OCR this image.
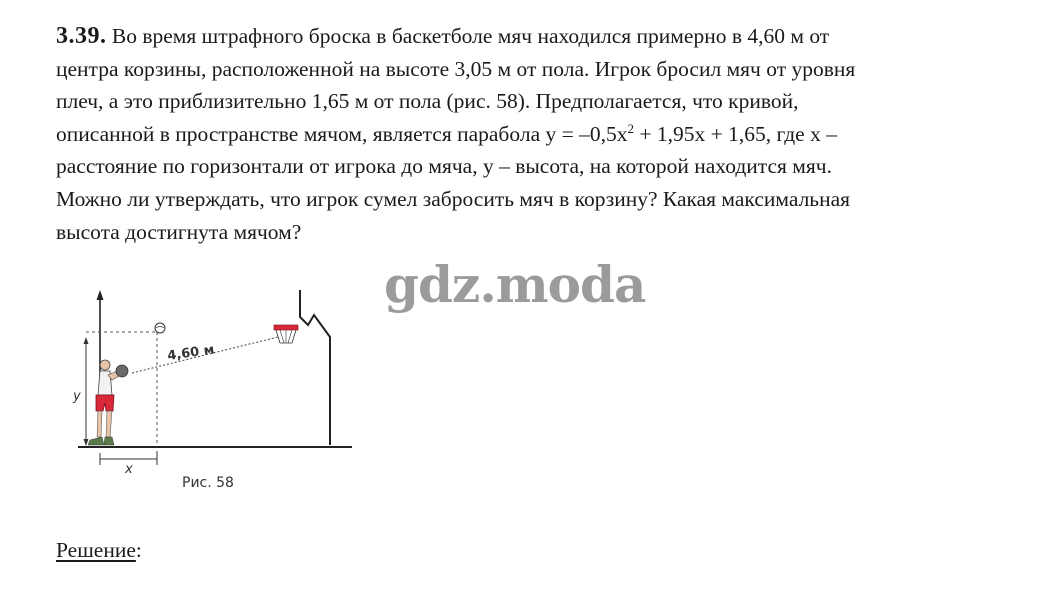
3.39. Во время штрафного броска в баскетболе мяч находился примерно в 4,60 м от
центра корзины, расположенной на высоте 3,05 м от пола. Игрок бросил мяч от уровня
плеч, а это приблизительно 1,65 м от пола (рис. 58). Предполагается, что кривой,
описанной в пространстве мячом, является парабола $y = -0,5x^2 + 1,95x + 1,65$, где x –
расстояние по горизонтали от игрока до мяча, y – высота, на которой находится мяч.
Можно ли утверждать, что игрок сумел забросить мяч в корзину? Какая максимальная
высота достигнута мячом?
gdz.moda
y
x
4,60 м
Рис. 58
Решение:
